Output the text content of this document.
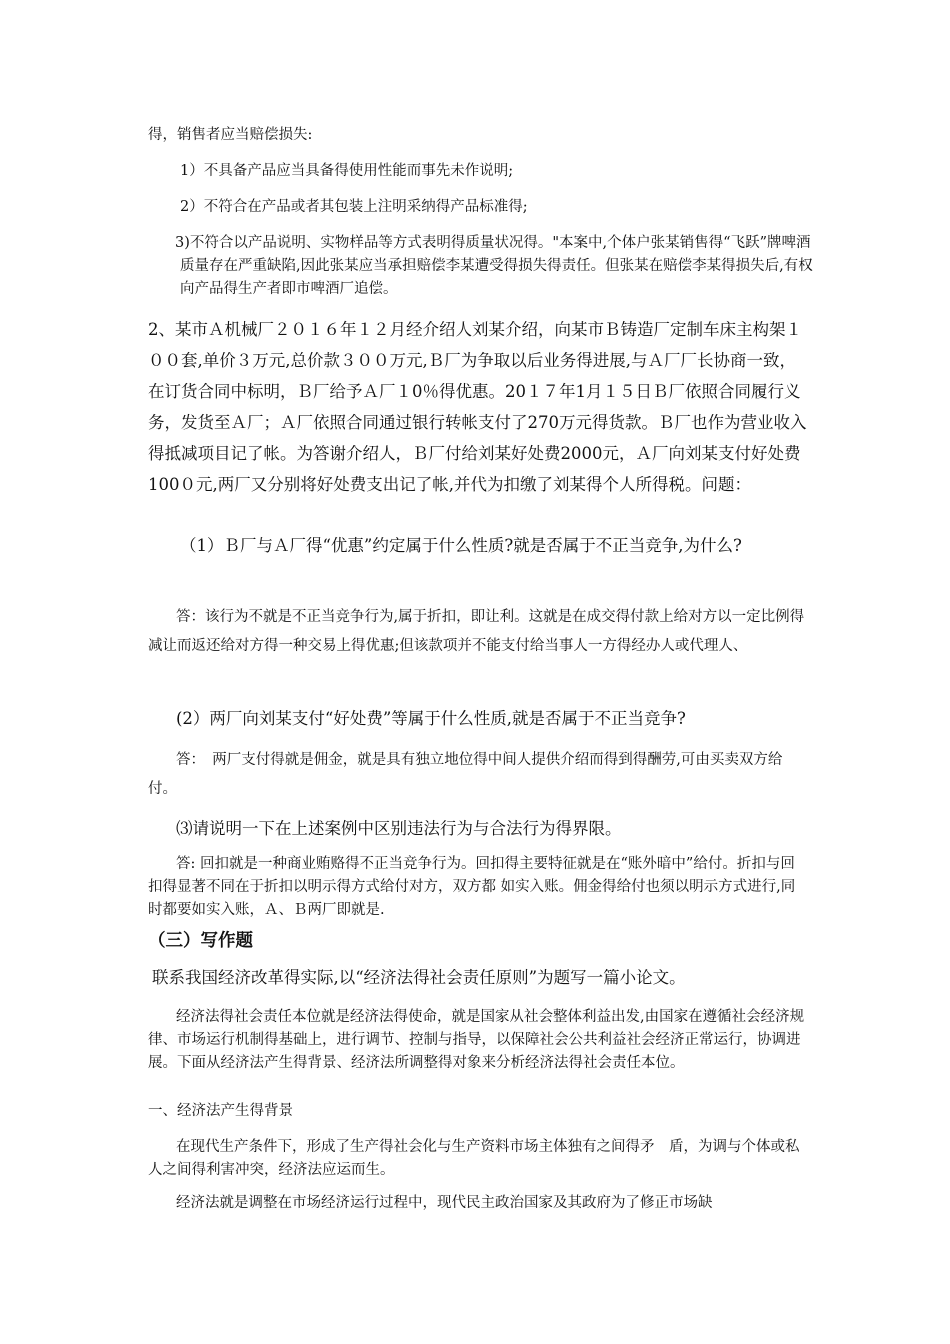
得，销售者应当赔偿损失:

1）不具备产品应当具备得使用性能而事先未作说明;

2）不符合在产品或者其包装上注明采纳得产品标准得;

3)不符合以产品说明、实物样品等方式表明得质量状况得。"本案中,个体户张某销售得“飞跃”牌啤酒质量存在严重缺陷,因此张某应当承担赔偿李某遭受得损失得责任。但张某在赔偿李某得损失后,有权向产品得生产者即市啤酒厂追偿。

2、某市Ａ机械厂２０１６年１２月经介绍人刘某介绍，向某市Ｂ铸造厂定制车床主构架１００套,单价３万元,总价款３００万元,Ｂ厂为争取以后业务得进展,与Ａ厂厂长协商一致，在订货合同中标明，Ｂ厂给予Ａ厂１0％得优惠。20１７年1月１５日Ｂ厂依照合同履行义务，发货至Ａ厂；Ａ厂依照合同通过银行转帐支付了270万元得货款。Ｂ厂也作为营业收入得抵减项目记了帐。为答谢介绍人，Ｂ厂付给刘某好处费2000元，Ａ厂向刘某支付好处费100０元,两厂又分别将好处费支出记了帐,并代为扣缴了刘某得个人所得税。问题：

（1）Ｂ厂与Ａ厂得“优惠”约定属于什么性质?就是否属于不正当竞争,为什么?

答：该行为不就是不正当竞争行为,属于折扣，即让利。这就是在成交得付款上给对方以一定比例得减让而返还给对方得一种交易上得优惠;但该款项并不能支付给当事人一方得经办人或代理人、

(2）两厂向刘某支付“好处费”等属于什么性质,就是否属于不正当竞争?

答：　两厂支付得就是佣金，就是具有独立地位得中间人提供介绍而得到得酬劳,可由买卖双方给付。

⑶请说明一下在上述案例中区别违法行为与合法行为得界限。

答: 回扣就是一种商业贿赂得不正当竞争行为。回扣得主要特征就是在“账外暗中”给付。折扣与回扣得显著不同在于折扣以明示得方式给付对方，双方都 如实入账。佣金得给付也须以明示方式进行,同时都要如实入账，Ａ、Ｂ两厂即就是.

（三）写作题

联系我国经济改革得实际,以“经济法得社会责任原则”为题写一篇小论文。

经济法得社会责任本位就是经济法得使命，就是国家从社会整体利益出发,由国家在遵循社会经济规律、市场运行机制得基础上，进行调节、控制与指导，以保障社会公共利益社会经济正常运行，协调进展。下面从经济法产生得背景、经济法所调整得对象来分析经济法得社会责任本位。

一、经济法产生得背景

在现代生产条件下，形成了生产得社会化与生产资料市场主体独有之间得矛　盾，为调与个体或私人之间得利害冲突，经济法应运而生。

经济法就是调整在市场经济运行过程中，现代民主政治国家及其政府为了修正市场缺
